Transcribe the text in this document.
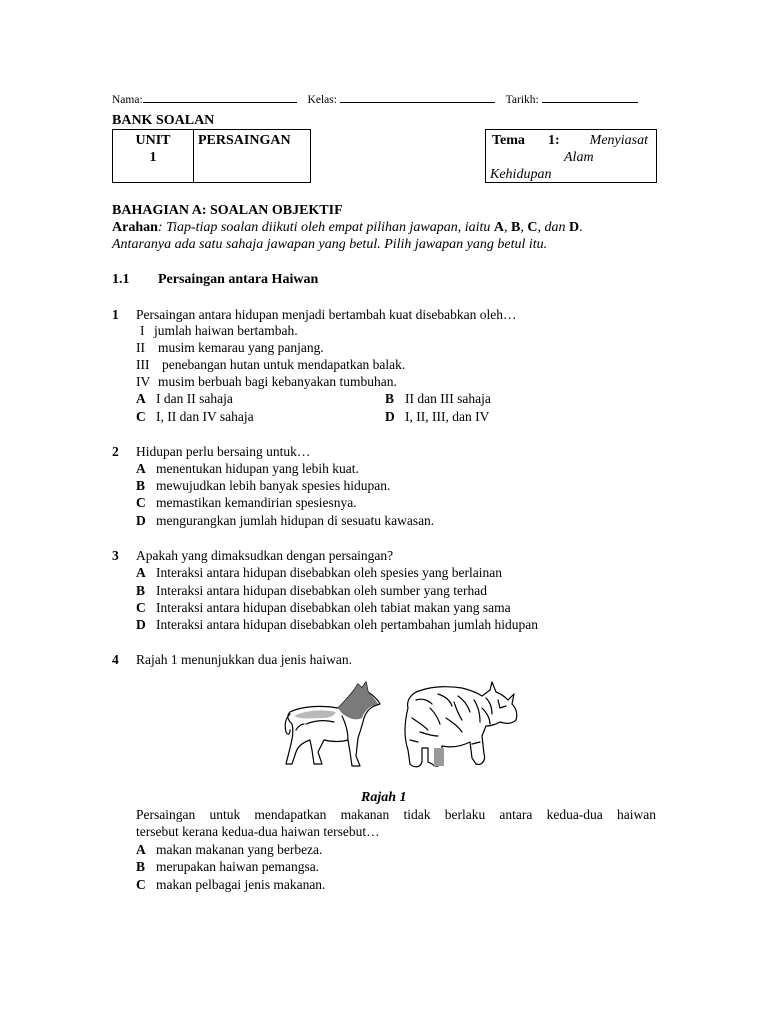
Nama:	Kelas:	Tarikh:
BANK SOALAN
UNIT
1
PERSAINGAN	Tema 1: Menyiasat
Alam
Kehidupan
BAHAGIAN A: SOALAN OBJEKTIF
Arahan: Tiap-tiap soalan diikuti oleh empat pilihan jawapan, iaitu A, B, C, dan D.
Antaranya ada satu sahaja jawapan yang betul. Pilih jawapan yang betul itu.
1.1 Persaingan antara Haiwan
1 Persaingan antara hidupan menjadi bertambah kuat disebabkan oleh…
I jumlah haiwan bertambah.
II musim kemarau yang panjang.
III penebangan hutan untuk mendapatkan balak.
IV musim berbuah bagi kebanyakan tumbuhan.
A I dan II sahaja	B II dan III sahaja
C I, II dan IV sahaja	D I, II, III, dan IV
2 Hidupan perlu bersaing untuk…
A menentukan hidupan yang lebih kuat.
B mewujudkan lebih banyak spesies hidupan.
C memastikan kemandirian spesiesnya.
D mengurangkan jumlah hidupan di sesuatu kawasan.
3 Apakah yang dimaksudkan dengan persaingan?
A Interaksi antara hidupan disebabkan oleh spesies yang berlainan
B Interaksi antara hidupan disebabkan oleh sumber yang terhad
C Interaksi antara hidupan disebabkan oleh tabiat makan yang sama
D Interaksi antara hidupan disebabkan oleh pertambahan jumlah hidupan
4 Rajah 1 menunjukkan dua jenis haiwan.
Rajah 1
Persaingan untuk mendapatkan makanan tidak berlaku antara kedua-dua haiwan
tersebut kerana kedua-dua haiwan tersebut…
A makan makanan yang berbeza.
B merupakan haiwan pemangsa.
C makan pelbagai jenis makanan.
